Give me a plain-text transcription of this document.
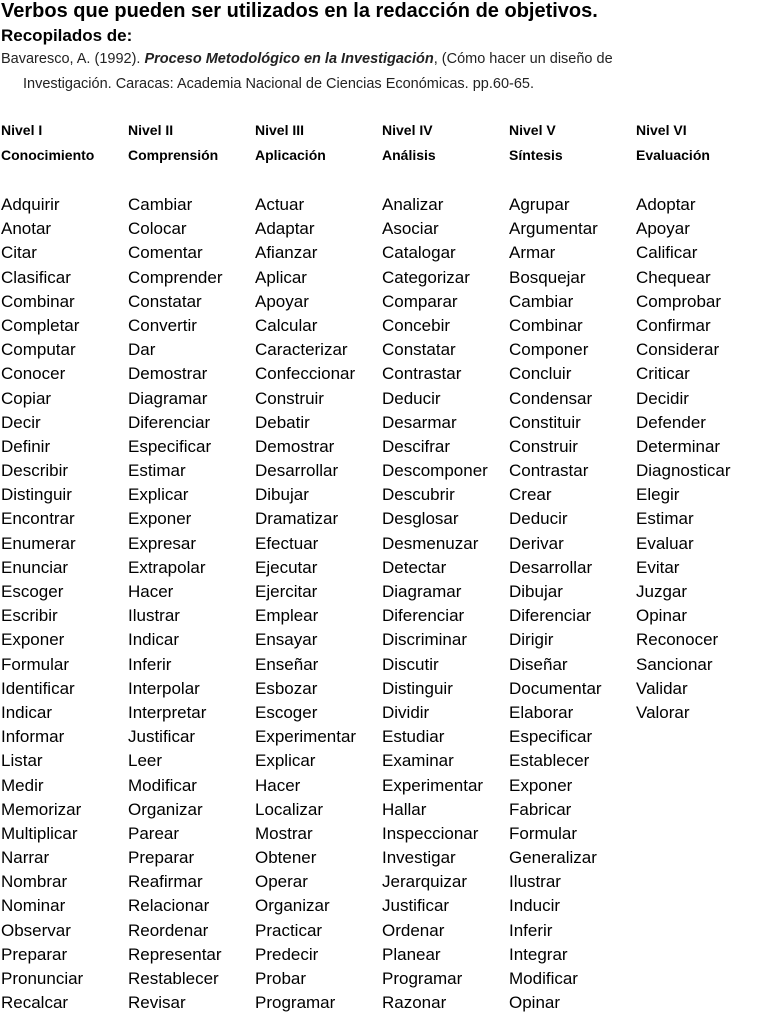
Verbos que pueden ser utilizados en la redacción de objetivos.
Recopilados de:

Bavaresco, A. (1992). Proceso Metodológico en la Investigación, (Cómo hacer un diseño de
Investigación. Caracas: Academia Nacional de Ciencias Económicas. pp.60-65.

Nivel I
Conocimiento
Adquirir
Anotar
Citar
Clasificar
Combinar
Completar
Computar
Conocer
Copiar
Decir
Definir
Describir
Distinguir
Encontrar
Enumerar
Enunciar
Escoger
Escribir
Exponer
Formular
Identificar
Indicar
Informar
Listar
Medir
Memorizar
Multiplicar
Narrar
Nombrar
Nominar
Observar
Preparar
Pronunciar
Recalcar
Nivel II
Comprensión
Cambiar
Colocar
Comentar
Comprender
Constatar
Convertir
Dar
Demostrar
Diagramar
Diferenciar
Especificar
Estimar
Explicar
Exponer
Expresar
Extrapolar
Hacer
Ilustrar
Indicar
Inferir
Interpolar
Interpretar
Justificar
Leer
Modificar
Organizar
Parear
Preparar
Reafirmar
Relacionar
Reordenar
Representar
Restablecer
Revisar
Nivel III
Aplicación
Actuar
Adaptar
Afianzar
Aplicar
Apoyar
Calcular
Caracterizar
Confeccionar
Construir
Debatir
Demostrar
Desarrollar
Dibujar
Dramatizar
Efectuar
Ejecutar
Ejercitar
Emplear
Ensayar
Enseñar
Esbozar
Escoger
Experimentar
Explicar
Hacer
Localizar
Mostrar
Obtener
Operar
Organizar
Practicar
Predecir
Probar
Programar
Nivel IV
Análisis
Analizar
Asociar
Catalogar
Categorizar
Comparar
Concebir
Constatar
Contrastar
Deducir
Desarmar
Descifrar
Descomponer
Descubrir
Desglosar
Desmenuzar
Detectar
Diagramar
Diferenciar
Discriminar
Discutir
Distinguir
Dividir
Estudiar
Examinar
Experimentar
Hallar
Inspeccionar
Investigar
Jerarquizar
Justificar
Ordenar
Planear
Programar
Razonar
Nivel V
Síntesis
Agrupar
Argumentar
Armar
Bosquejar
Cambiar
Combinar
Componer
Concluir
Condensar
Constituir
Construir
Contrastar
Crear
Deducir
Derivar
Desarrollar
Dibujar
Diferenciar
Dirigir
Diseñar
Documentar
Elaborar
Especificar
Establecer
Exponer
Fabricar
Formular
Generalizar
Ilustrar
Inducir
Inferir
Integrar
Modificar
Opinar
Nivel VI
Evaluación
Adoptar
Apoyar
Calificar
Chequear
Comprobar
Confirmar
Considerar
Criticar
Decidir
Defender
Determinar
Diagnosticar
Elegir
Estimar
Evaluar
Evitar
Juzgar
Opinar
Reconocer
Sancionar
Validar
Valorar
